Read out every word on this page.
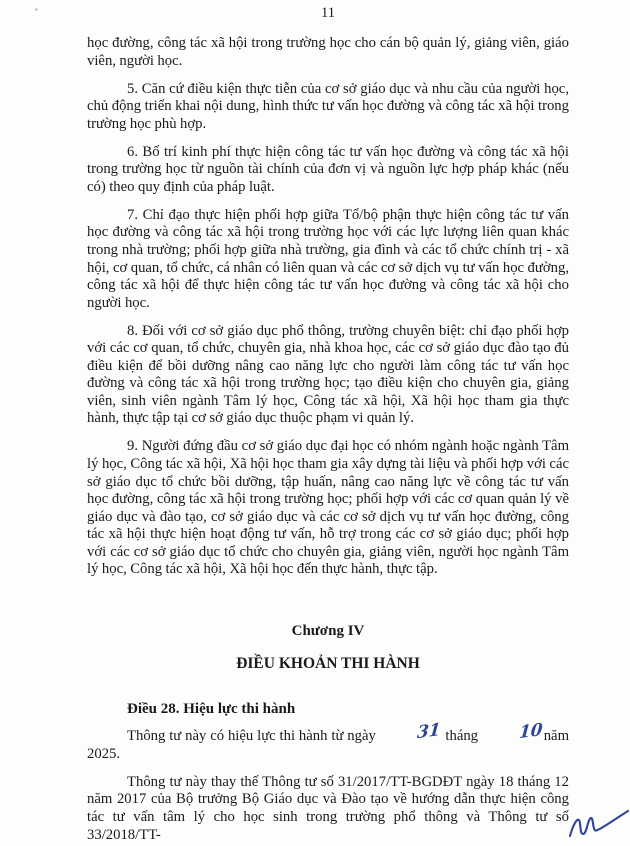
11

học đường, công tác xã hội trong trường học cho cán bộ quản lý, giảng viên, giáo viên, người học.

5. Căn cứ điều kiện thực tiễn của cơ sở giáo dục và nhu cầu của người học, chủ động triển khai nội dung, hình thức tư vấn học đường và công tác xã hội trong trường học phù hợp.

6. Bố trí kinh phí thực hiện công tác tư vấn học đường và công tác xã hội trong trường học từ nguồn tài chính của đơn vị và nguồn lực hợp pháp khác (nếu có) theo quy định của pháp luật.

7. Chỉ đạo thực hiện phối hợp giữa Tổ/bộ phận thực hiện công tác tư vấn học đường và công tác xã hội trong trường học với các lực lượng liên quan khác trong nhà trường; phối hợp giữa nhà trường, gia đình và các tổ chức chính trị - xã hội, cơ quan, tổ chức, cá nhân có liên quan và các cơ sở dịch vụ tư vấn học đường, công tác xã hội để thực hiện công tác tư vấn học đường và công tác xã hội cho người học.

8. Đối với cơ sở giáo dục phổ thông, trường chuyên biệt: chỉ đạo phối hợp với các cơ quan, tổ chức, chuyên gia, nhà khoa học, các cơ sở giáo dục đào tạo đủ điều kiện để bồi dưỡng nâng cao năng lực cho người làm công tác tư vấn học đường và công tác xã hội trong trường học; tạo điều kiện cho chuyên gia, giảng viên, sinh viên ngành Tâm lý học, Công tác xã hội, Xã hội học tham gia thực hành, thực tập tại cơ sở giáo dục thuộc phạm vi quản lý.

9. Người đứng đầu cơ sở giáo dục đại học có nhóm ngành hoặc ngành Tâm lý học, Công tác xã hội, Xã hội học tham gia xây dựng tài liệu và phối hợp với các sở giáo dục tổ chức bồi dưỡng, tập huấn, nâng cao năng lực về công tác tư vấn học đường, công tác xã hội trong trường học; phối hợp với các cơ quan quản lý về giáo dục và đào tạo, cơ sở giáo dục và các cơ sở dịch vụ tư vấn học đường, công tác xã hội thực hiện hoạt động tư vấn, hỗ trợ trong các cơ sở giáo dục; phối hợp với các cơ sở giáo dục tổ chức cho chuyên gia, giảng viên, người học ngành Tâm lý học, Công tác xã hội, Xã hội học đến thực hành, thực tập.

Chương IV
ĐIỀU KHOẢN THI HÀNH
Điều 28. Hiệu lực thi hành

Thông tư này có hiệu lực thi hành từ ngày 31 tháng 10năm 2025.

Thông tư này thay thế Thông tư số 31/2017/TT-BGDĐT ngày 18 tháng 12 năm 2017 của Bộ trưởng Bộ Giáo dục và Đào tạo về hướng dẫn thực hiện công tác tư vấn tâm lý cho học sinh trong trường phổ thông và Thông tư số 33/2018/TT-
